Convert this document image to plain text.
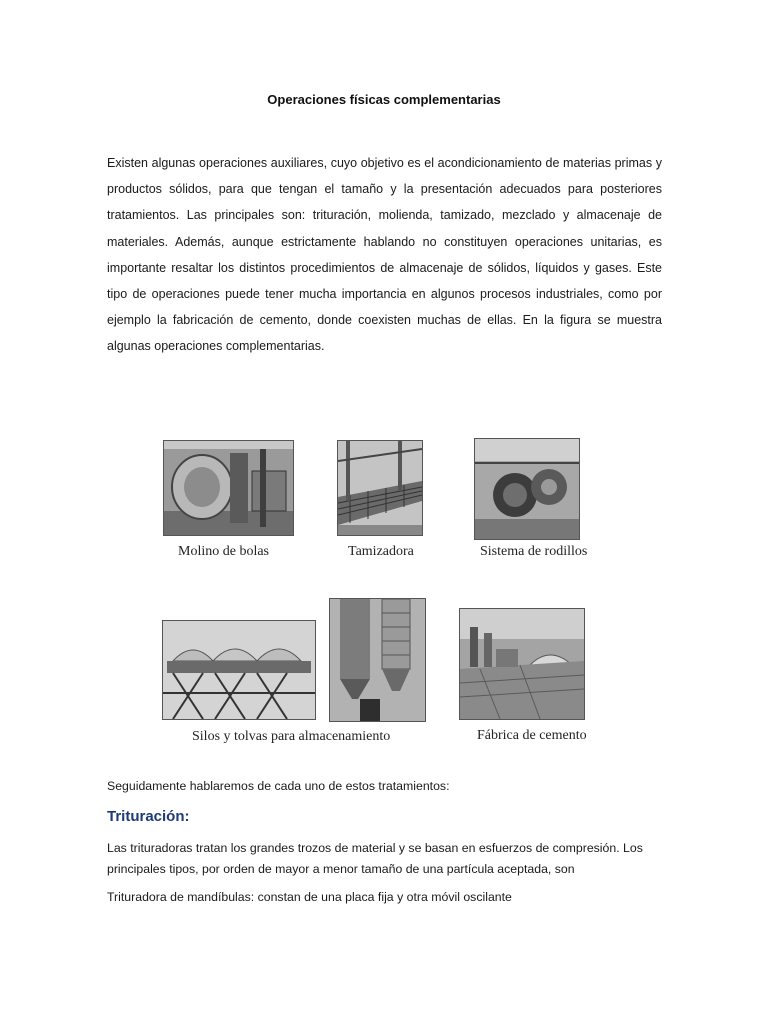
Operaciones físicas complementarias

Existen algunas operaciones auxiliares, cuyo objetivo es el acondicionamiento de materias primas y productos sólidos, para que tengan el tamaño y la presentación adecuados para posteriores tratamientos. Las principales son: trituración, molienda, tamizado, mezclado y almacenaje de materiales. Además, aunque estrictamente hablando no constituyen operaciones unitarias, es importante resaltar los distintos procedimientos de almacenaje de sólidos, líquidos y gases. Este tipo de operaciones puede tener mucha importancia en algunos procesos industriales, como por ejemplo la fabricación de cemento, donde coexisten muchas de ellas. En la figura se muestra algunas operaciones complementarias.

Molino de bolas	Tamizadora	Sistema de rodillos
Silos y tolvas para almacenamiento	Fábrica de cemento

Seguidamente hablaremos de cada uno de estos tratamientos:

Trituración:

Las trituradoras tratan los grandes trozos de material y se basan en esfuerzos de compresión. Los principales tipos, por orden de mayor a menor tamaño de una partícula aceptada, son

Trituradora de mandíbulas: constan de una placa fija y otra móvil oscilante
